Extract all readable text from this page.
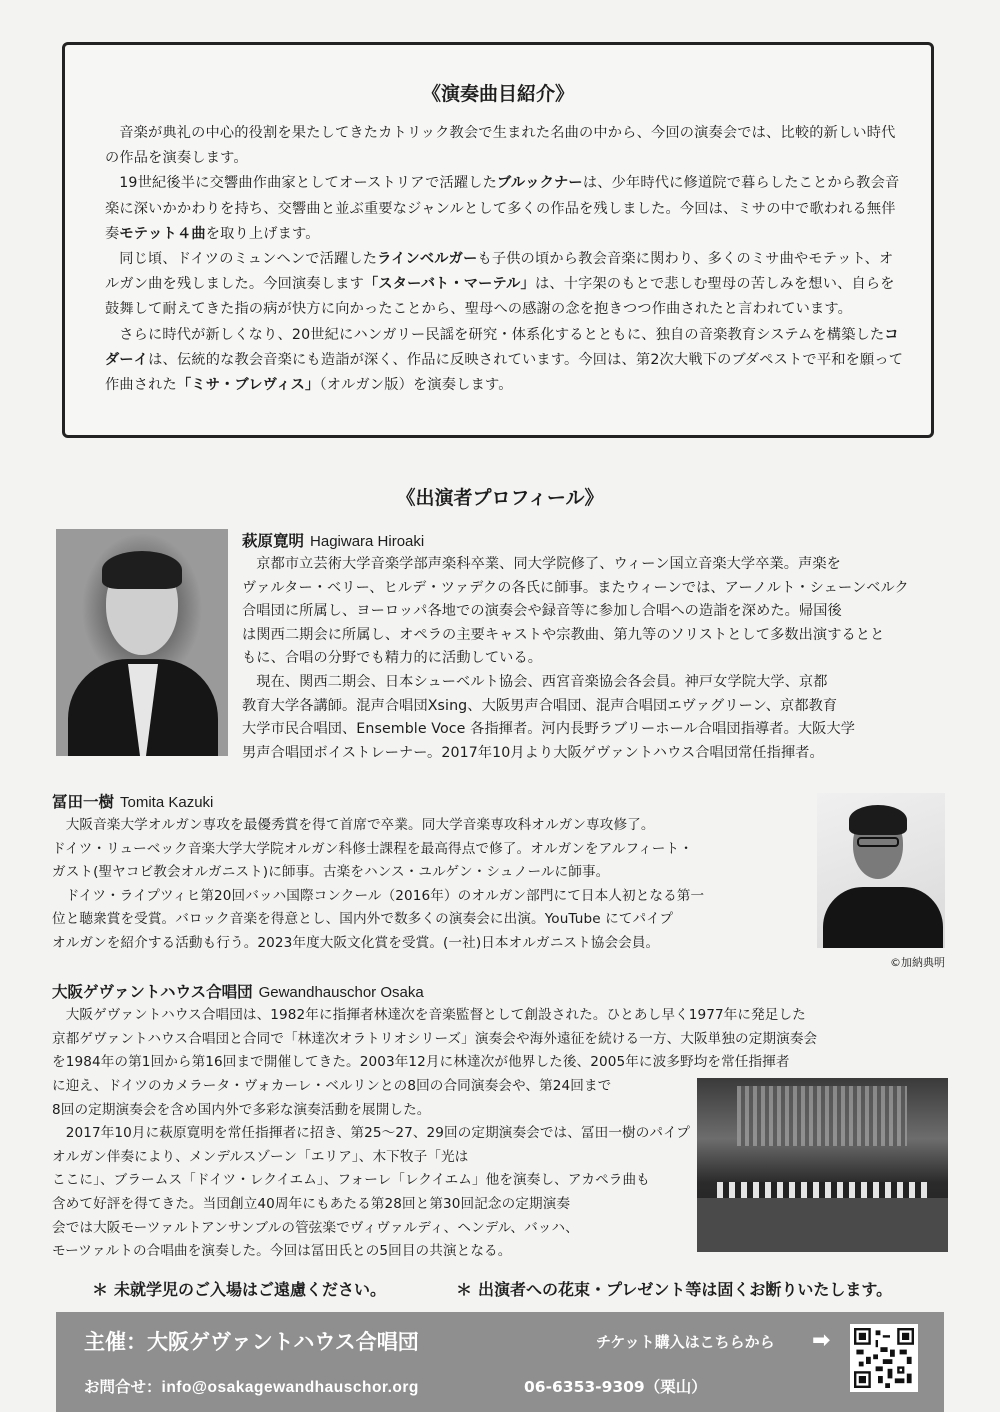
《演奏曲目紹介》

音楽が典礼の中心的役割を果たしてきたカトリック教会で生まれた名曲の中から、今回の演奏会では、比較的新しい時代の作品を演奏します。

19世紀後半に交響曲作曲家としてオーストリアで活躍したブルックナーは、少年時代に修道院で暮らしたことから教会音楽に深いかかわりを持ち、交響曲と並ぶ重要なジャンルとして多くの作品を残しました。今回は、ミサの中で歌われる無伴奏モテット４曲を取り上げます。

同じ頃、ドイツのミュンヘンで活躍したラインベルガーも子供の頃から教会音楽に関わり、多くのミサ曲やモテット、オルガン曲を残しました。今回演奏します「スターバト・マーテル」は、十字架のもとで悲しむ聖母の苦しみを想い、自らを鼓舞して耐えてきた指の病が快方に向かったことから、聖母への感謝の念を抱きつつ作曲されたと言われています。

さらに時代が新しくなり、20世紀にハンガリー民謡を研究・体系化するとともに、独自の音楽教育システムを構築したコダーイは、伝統的な教会音楽にも造詣が深く、作品に反映されています。今回は、第2次大戦下のブダペストで平和を願って作曲された「ミサ・ブレヴィス」（オルガン版）を演奏します。

《出演者プロフィール》
萩原寛明 Hagiwara Hiroaki
　京都市立芸術大学音楽学部声楽科卒業、同大学院修了、ウィーン国立音楽大学卒業。声楽を
ヴァルター・ベリー、ヒルデ・ツァデクの各氏に師事。またウィーンでは、アーノルト・シェーンベルク
合唱団に所属し、ヨーロッパ各地での演奏会や録音等に参加し合唱への造詣を深めた。帰国後
は関西二期会に所属し、オペラの主要キャストや宗教曲、第九等のソリストとして多数出演するとと
もに、合唱の分野でも精力的に活動している。
　現在、関西二期会、日本シューベルト協会、西宮音楽協会各会員。神戸女学院大学、京都
教育大学各講師。混声合唱団Xsing、大阪男声合唱団、混声合唱団エヴァグリーン、京都教育
大学市民合唱団、Ensemble Voce 各指揮者。河内長野ラブリーホール合唱団指導者。大阪大学
男声合唱団ボイストレーナー。2017年10月より大阪ゲヴァントハウス合唱団常任指揮者。
冨田一樹 Tomita Kazuki
　大阪音楽大学オルガン専攻を最優秀賞を得て首席で卒業。同大学音楽専攻科オルガン専攻修了。
ドイツ・リューベック音楽大学大学院オルガン科修士課程を最高得点で修了。オルガンをアルフィート・
ガスト(聖ヤコビ教会オルガニスト)に師事。古楽をハンス・ユルゲン・シュノールに師事。
　ドイツ・ライプツィヒ第20回バッハ国際コンクール（2016年）のオルガン部門にて日本人初となる第一
位と聴衆賞を受賞。バロック音楽を得意とし、国内外で数多くの演奏会に出演。YouTube にてパイプ
オルガンを紹介する活動も行う。2023年度大阪文化賞を受賞。(一社)日本オルガニスト協会会員。
©加納典明
大阪ゲヴァントハウス合唱団 Gewandhauschor Osaka
　大阪ゲヴァントハウス合唱団は、1982年に指揮者林達次を音楽監督として創設された。ひとあし早く1977年に発足した
京都ゲヴァントハウス合唱団と合同で「林達次オラトリオシリーズ」演奏会や海外遠征を続ける一方、大阪単独の定期演奏会
を1984年の第1回から第16回まで開催してきた。2003年12月に林達次が他界した後、2005年に波多野均を常任指揮者
に迎え、ドイツのカメラータ・ヴォカーレ・ベルリンとの8回の合同演奏会や、第24回まで
8回の定期演奏会を含め国内外で多彩な演奏活動を展開した。
　2017年10月に萩原寛明を常任指揮者に招き、第25～27、29回の定期演奏会では、冨田一樹のパイプオルガン伴奏により、メンデルスゾーン「エリア」、木下牧子「光は
ここに」、ブラームス「ドイツ・レクイエム」、フォーレ「レクイエム」他を演奏し、アカペラ曲も
含めて好評を得てきた。当団創立40周年にもあたる第28回と第30回記念の定期演奏
会では大阪モーツァルトアンサンブルの管弦楽でヴィヴァルディ、ヘンデル、バッハ、
モーツァルトの合唱曲を演奏した。今回は冨田氏との5回目の共演となる。
＊ 未就学児のご入場はご遠慮ください。	＊ 出演者への花束・プレゼント等は固くお断りいたします。
主催：大阪ゲヴァントハウス合唱団	チケット購入はこちらから ➡
お問合せ：info@osakagewandhauschor.org	06-6353-9309（栗山）
